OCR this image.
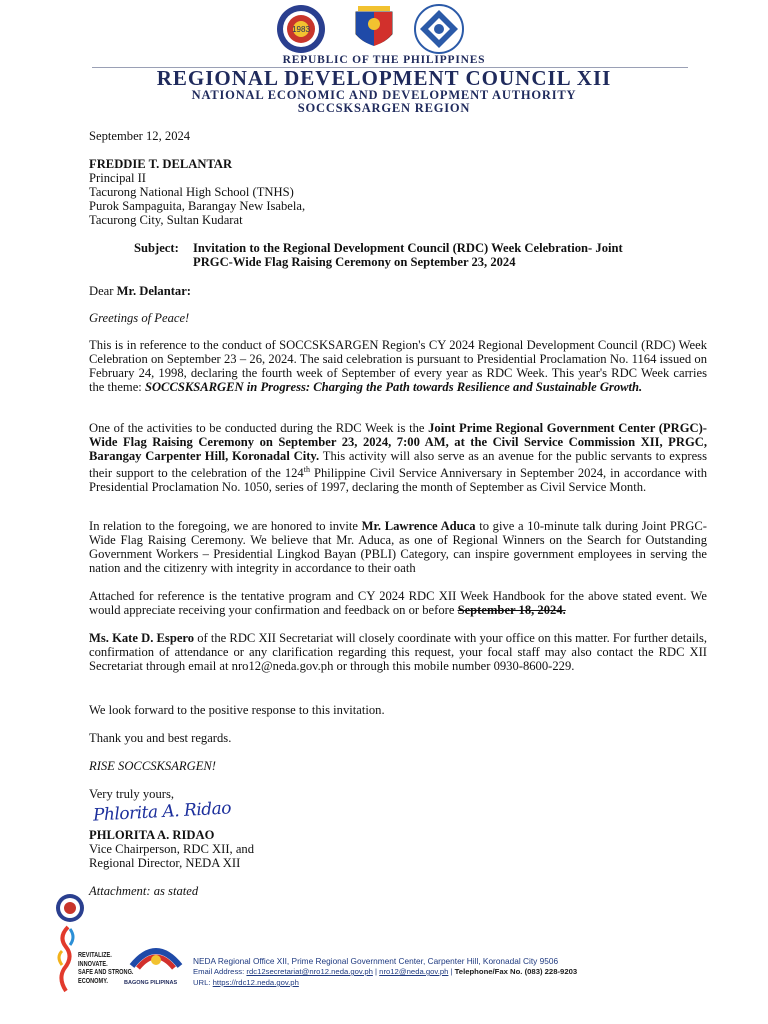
1983
REPUBLIC OF THE PHILIPPINES
REGIONAL DEVELOPMENT COUNCIL XII
NATIONAL ECONOMIC AND DEVELOPMENT AUTHORITY
SOCCSKSARGEN REGION
September 12, 2024
FREDDIE T. DELANTAR
Principal II
Tacurong National High School (TNHS)
Purok Sampaguita, Barangay New Isabela,
Tacurong City, Sultan Kudarat
Subject: Invitation to the Regional Development Council (RDC) Week Celebration- Joint
PRGC-Wide Flag Raising Ceremony on September 23, 2024
Dear Mr. Delantar:
Greetings of Peace!

This is in reference to the conduct of SOCCSKSARGEN Region's CY 2024 Regional Development Council (RDC) Week Celebration on September 23 – 26, 2024. The said celebration is pursuant to Presidential Proclamation No. 1164 issued on February 24, 1998, declaring the fourth week of September of every year as RDC Week. This year's RDC Week carries the theme: SOCCSKSARGEN in Progress: Charging the Path towards Resilience and Sustainable Growth.

One of the activities to be conducted during the RDC Week is the Joint Prime Regional Government Center (PRGC)-Wide Flag Raising Ceremony on September 23, 2024, 7:00 AM, at the Civil Service Commission XII, PRGC, Barangay Carpenter Hill, Koronadal City. This activity will also serve as an avenue for the public servants to express their support to the celebration of the 124th Philippine Civil Service Anniversary in September 2024, in accordance with Presidential Proclamation No. 1050, series of 1997, declaring the month of September as Civil Service Month.

In relation to the foregoing, we are honored to invite Mr. Lawrence Aduca to give a 10-minute talk during Joint PRGC-Wide Flag Raising Ceremony. We believe that Mr. Aduca, as one of Regional Winners on the Search for Outstanding Government Workers – Presidential Lingkod Bayan (PBLI) Category, can inspire government employees in serving the nation and the citizenry with integrity in accordance to their oath

Attached for reference is the tentative program and CY 2024 RDC XII Week Handbook for the above stated event. We would appreciate receiving your confirmation and feedback on or before September 18, 2024.

Ms. Kate D. Espero of the RDC XII Secretariat will closely coordinate with your office on this matter. For further details, confirmation of attendance or any clarification regarding this request, your focal staff may also contact the RDC XII Secretariat through email at nro12@neda.gov.ph or through this mobile number 0930-8600-229.

We look forward to the positive response to this invitation.
Thank you and best regards.
RISE SOCCSKSARGEN!
Very truly yours,
Phlorita A. Ridao
PHLORITA A. RIDAO
Vice Chairperson, RDC XII, and
Regional Director, NEDA XII
Attachment: as stated
REVITALIZE.
INNOVATE.
SAFE AND STRONG.
ECONOMY.	BAGONG PILIPINAS
NEDA Regional Office XII, Prime Regional Government Center, Carpenter Hill, Koronadal City 9506
Email Address: rdc12secretariat@nro12.neda.gov.ph | nro12@neda.gov.ph | Telephone/Fax No. (083) 228-9203
URL: https://rdc12.neda.gov.ph
